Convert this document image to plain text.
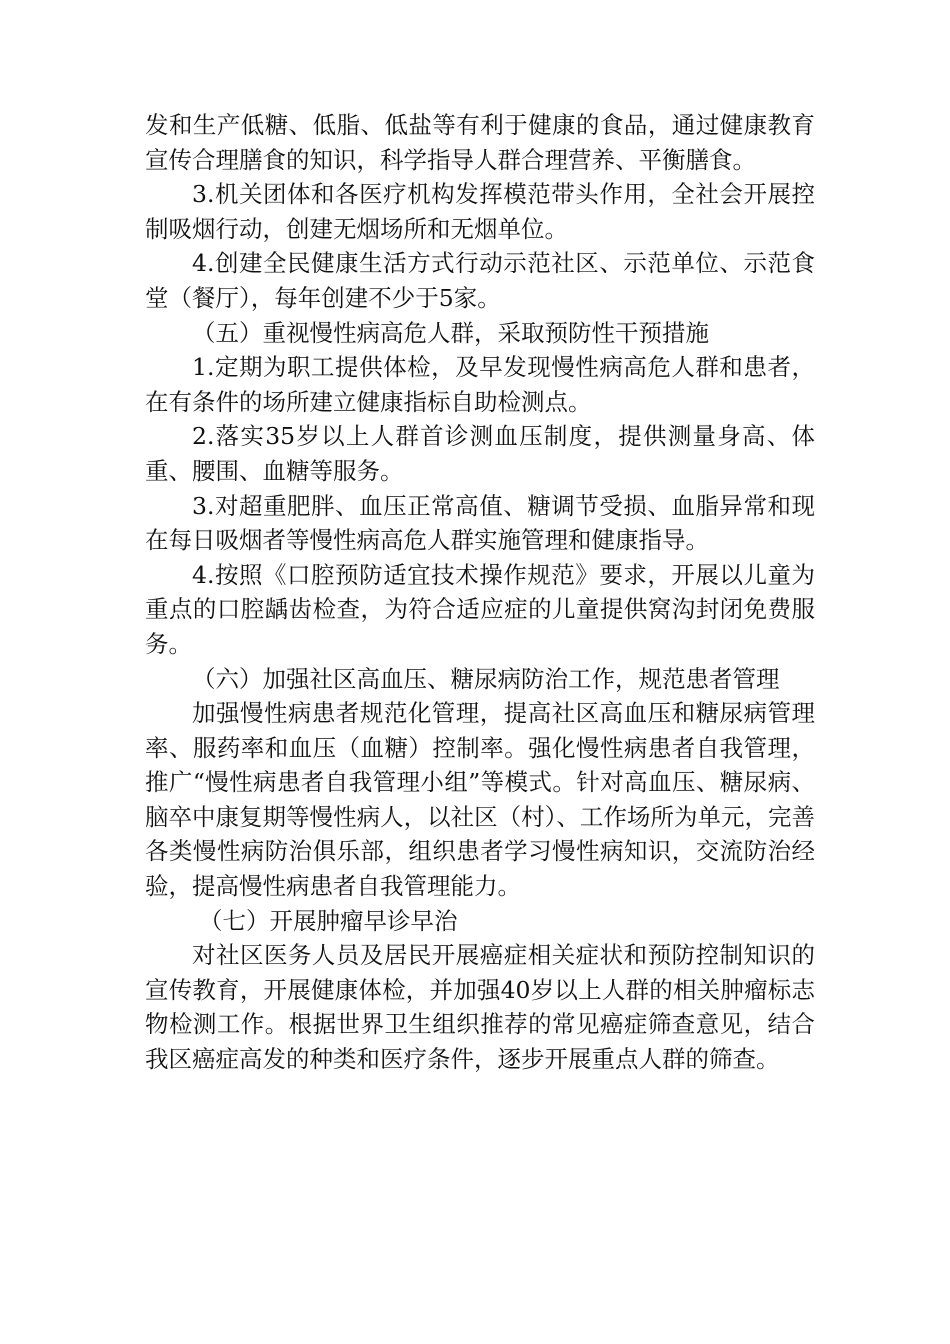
发和生产低糖、低脂、低盐等有利于健康的食品，通过健康教育宣传合理膳食的知识，科学指导人群合理营养、平衡膳食。

3.机关团体和各医疗机构发挥模范带头作用，全社会开展控制吸烟行动，创建无烟场所和无烟单位。

4.创建全民健康生活方式行动示范社区、示范单位、示范食堂（餐厅），每年创建不少于5家。

（五）重视慢性病高危人群，采取预防性干预措施

1.定期为职工提供体检，及早发现慢性病高危人群和患者，在有条件的场所建立健康指标自助检测点。

2.落实35岁以上人群首诊测血压制度，提供测量身高、体重、腰围、血糖等服务。

3.对超重肥胖、血压正常高值、糖调节受损、血脂异常和现在每日吸烟者等慢性病高危人群实施管理和健康指导。

4.按照《口腔预防适宜技术操作规范》要求，开展以儿童为重点的口腔龋齿检查，为符合适应症的儿童提供窝沟封闭免费服务。

（六）加强社区高血压、糖尿病防治工作，规范患者管理

加强慢性病患者规范化管理，提高社区高血压和糖尿病管理率、服药率和血压（血糖）控制率。强化慢性病患者自我管理，推广“慢性病患者自我管理小组”等模式。针对高血压、糖尿病、脑卒中康复期等慢性病人，以社区（村）、工作场所为单元，完善各类慢性病防治俱乐部，组织患者学习慢性病知识，交流防治经验，提高慢性病患者自我管理能力。

（七）开展肿瘤早诊早治

对社区医务人员及居民开展癌症相关症状和预防控制知识的宣传教育，开展健康体检，并加强40岁以上人群的相关肿瘤标志物检测工作。根据世界卫生组织推荐的常见癌症筛查意见，结合我区癌症高发的种类和医疗条件，逐步开展重点人群的筛查。
